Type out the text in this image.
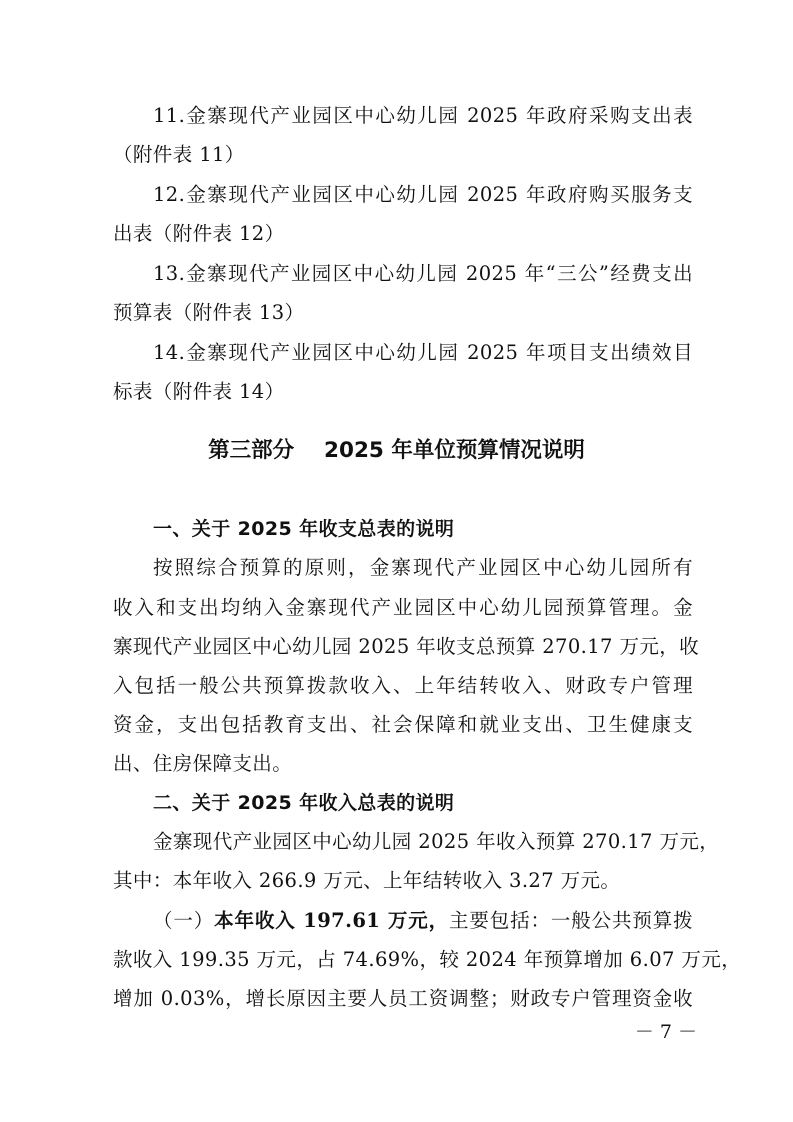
11.金寨现代产业园区中心幼儿园 2025 年政府采购支出表
（附件表 11）
12.金寨现代产业园区中心幼儿园 2025 年政府购买服务支
出表（附件表 12）
13.金寨现代产业园区中心幼儿园 2025 年“三公”经费支出
预算表（附件表 13）
14.金寨现代产业园区中心幼儿园 2025 年项目支出绩效目
标表（附件表 14）
第三部分    2025 年单位预算情况说明
一、关于 2025 年收支总表的说明
按照综合预算的原则，金寨现代产业园区中心幼儿园所有
收入和支出均纳入金寨现代产业园区中心幼儿园预算管理。金
寨现代产业园区中心幼儿园 2025 年收支总预算 270.17 万元，收
入包括一般公共预算拨款收入、上年结转收入、财政专户管理
资金，支出包括教育支出、社会保障和就业支出、卫生健康支
出、住房保障支出。
二、关于 2025 年收入总表的说明
金寨现代产业园区中心幼儿园 2025 年收入预算 270.17 万元，
其中：本年收入 266.9 万元、上年结转收入 3.27 万元。
（一）本年收入 197.61 万元，主要包括：一般公共预算拨
款收入 199.35 万元，占 74.69%，较 2024 年预算增加 6.07 万元，
增加 0.03%，增长原因主要人员工资调整；财政专户管理资金收
－ 7 －
